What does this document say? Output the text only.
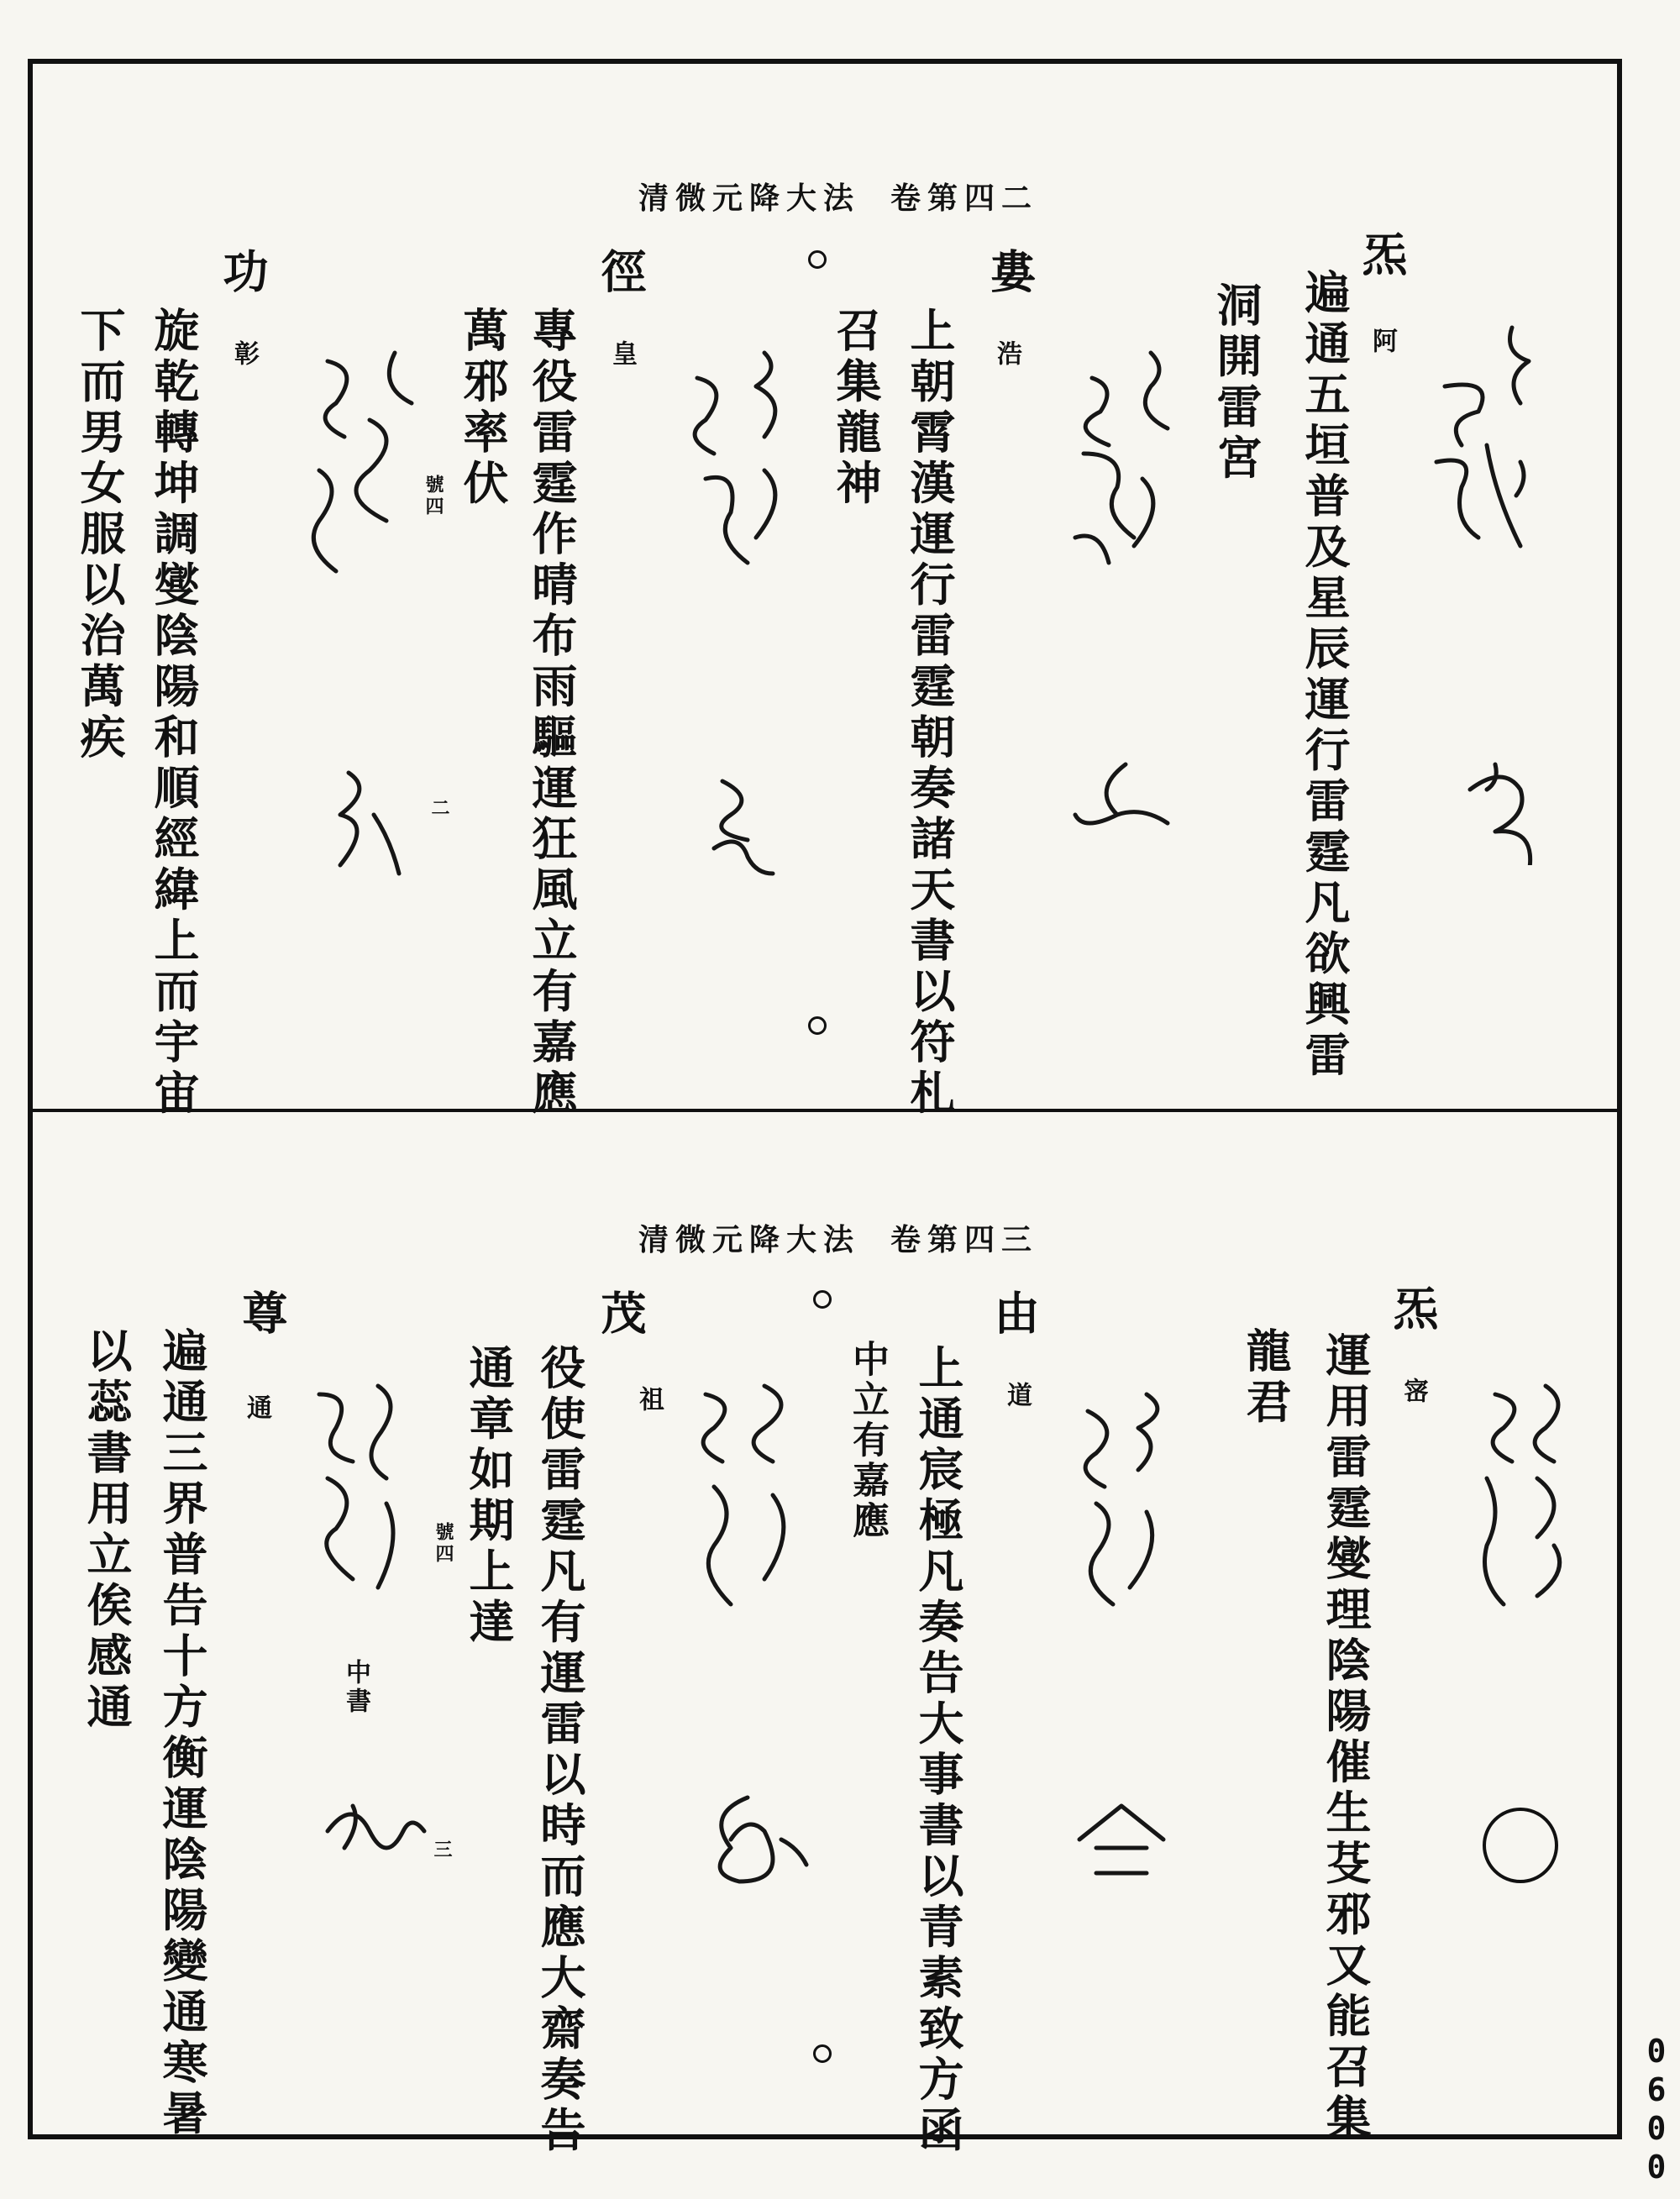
清微元降大法 卷第四二
炁
阿
遍通五垣普及星辰運行雷霆凡欲興雷
洞開雷宮
婁
浩
上朝霄漢運行雷霆朝奏諸天書以符札
召集龍神
徑
皇
號四 專役雷霆作晴布雨驅運狂風立有嘉應
萬邪率伏
功
彰
旋乾轉坤調燮陰陽和順經緯上而宇宙
下而男女服以治萬疾
二
清微元降大法 卷第四三
炁
宻
運用雷霆燮理陰陽催生芟邪又能召集
龍君
由
道
上通宸極凡奏告大事書以青素致方函
中立有嘉應
茂
祖
號四 役使雷霆凡有運雷以時而應大齋奏告
通章如期上達
尊
通
遍通三界普告十方衡運陰陽變通寒暑
以蕊書用立俟感通	中書
三
0600
